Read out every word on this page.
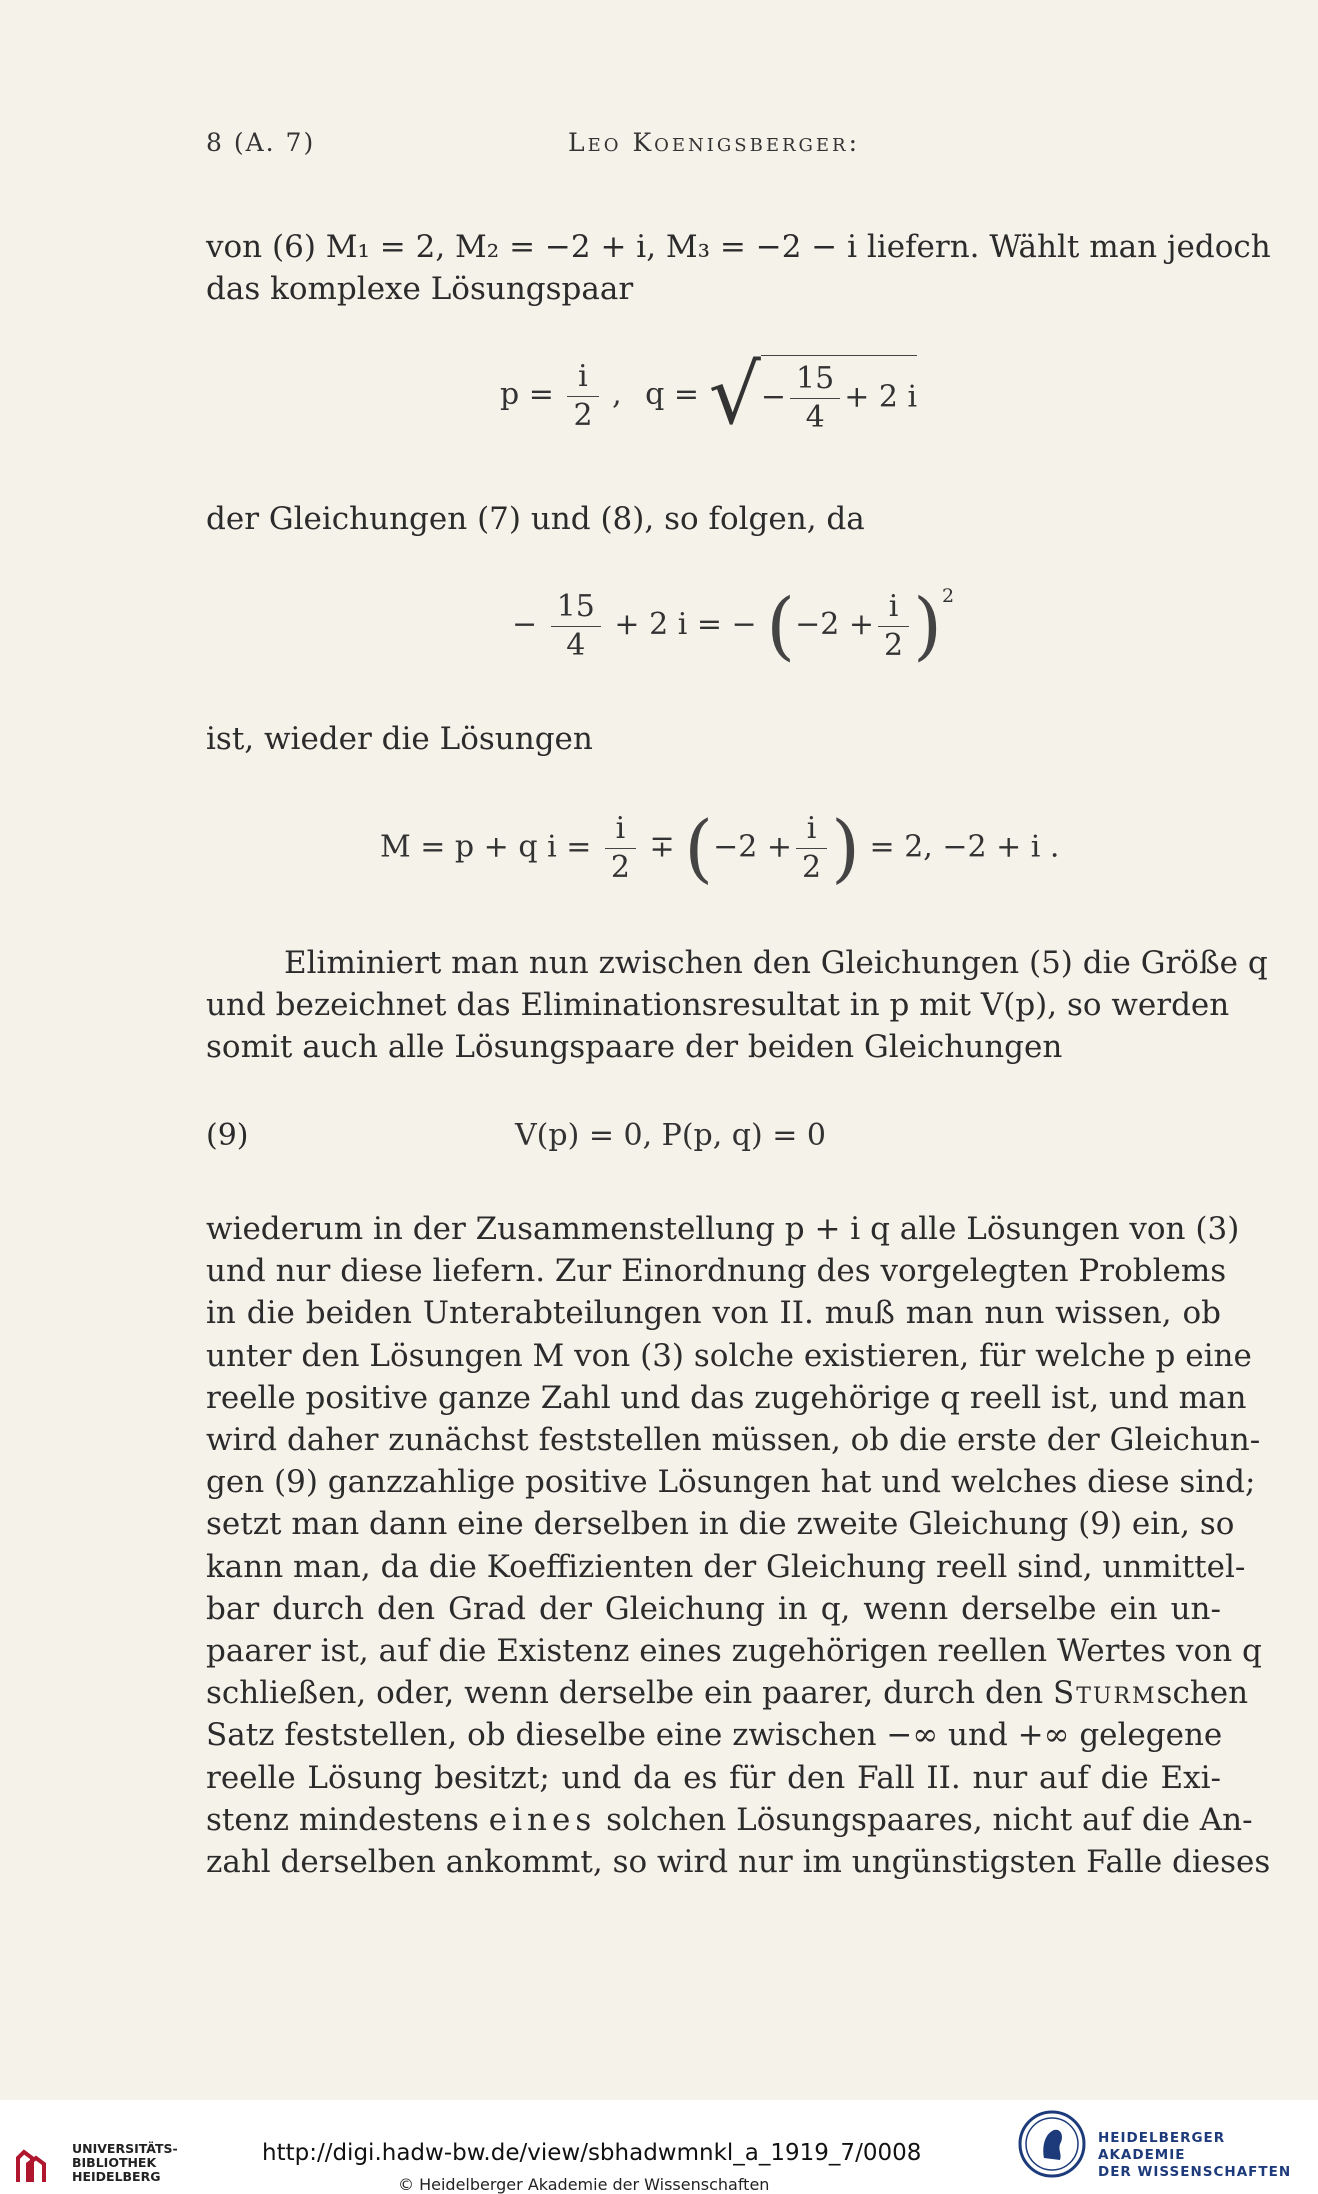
8 (A. 7)	Leo Koenigsberger:
von (6) M₁ = 2, M₂ = −2 + i, M₃ = −2 − i liefern. Wählt man jedoch
das komplexe Lösungspaar
$p = \frac{i}{2}$ , q = √− $\frac{15}{4} + 2$ i
der Gleichungen (7) und (8), so folgen, da
− $\frac{15}{4} + 2$ i = − $(-2 + \frac{i}{2} )^2$
ist, wieder die Lösungen
M = p + q $i = \frac{i}{2} \mp (-2 + \frac{i}{2}$ ) = 2, −2 + i .
Eliminiert man nun zwischen den Gleichungen (5) die Größe q
und bezeichnet das Eliminationsresultat in p mit V(p), so werden
somit auch alle Lösungspaare der beiden Gleichungen
(9)	V(p) = 0, P(p, q) = 0
wiederum in der Zusammenstellung p + i q alle Lösungen von (3)
und nur diese liefern. Zur Einordnung des vorgelegten Problems
in die beiden Unterabteilungen von II. muß man nun wissen, ob
unter den Lösungen M von (3) solche existieren, für welche p eine
reelle positive ganze Zahl und das zugehörige q reell ist, und man
wird daher zunächst feststellen müssen, ob die erste der Gleichun-
gen (9) ganzzahlige positive Lösungen hat und welches diese sind;
setzt man dann eine derselben in die zweite Gleichung (9) ein, so
kann man, da die Koeffizienten der Gleichung reell sind, unmittel-
bar durch den Grad der Gleichung in q, wenn derselbe ein un-
paarer ist, auf die Existenz eines zugehörigen reellen Wertes von q
schließen, oder, wenn derselbe ein paarer, durch den Sturmschen
Satz feststellen, ob dieselbe eine zwischen −∞ und +∞ gelegene
reelle Lösung besitzt; und da es für den Fall II. nur auf die Exi-
stenz mindestens eines solchen Lösungspaares, nicht auf die An-
zahl derselben ankommt, so wird nur im ungünstigsten Falle dieses
UNIVERSITÄTS-
BIBLIOTHEK
HEIDELBERG
http://digi.hadw-bw.de/view/sbhadwmnkl_a_1919_7/0008
© Heidelberger Akademie der Wissenschaften
HEIDELBERGER AKADEMIE
DER WISSENSCHAFTEN
